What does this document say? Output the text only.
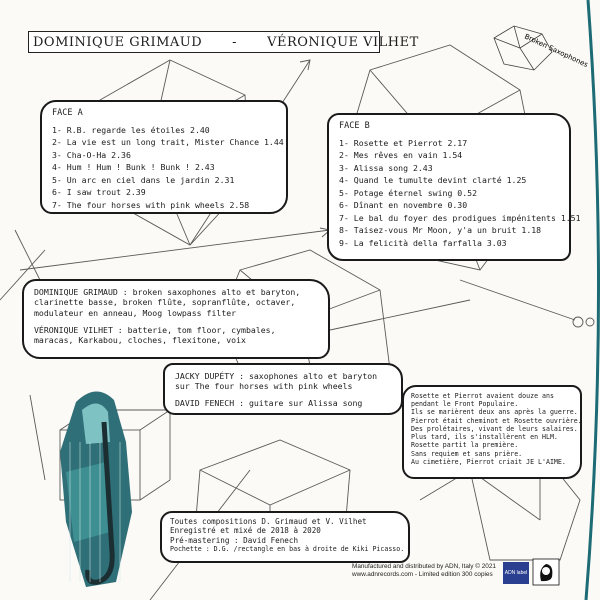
Broken Saxophones
DOMINIQUE GRIMAUD - VÉRONIQUE VILHET

FACE A

1- R.B. regarde les étoiles 2.40
2- La vie est un long trait, Mister Chance 1.44
3- Cha-O-Ha 2.36
4- Hum ! Hum ! Bunk ! Bunk ! 2.43
5- Un arc en ciel dans le jardin 2.31
6- I saw trout 2.39
7- The four horses with pink wheels 2.58

FACE B

1- Rosette et Pierrot 2.17
2- Mes rêves en vain 1.54
3- Alissa song 2.43
4- Quand le tumulte devint clarté 1.25
5- Potage éternel swing 0.52
6- Dînant en novembre 0.30
7- Le bal du foyer des prodigues impénitents 1.51
8- Taisez-vous Mr Moon, y'a un bruit 1.18
9- La felicità della farfalla 3.03

DOMINIQUE GRIMAUD : broken saxophones alto et baryton, clarinette basse, broken flûte, sopranflûte, octaver, modulateur en anneau, Moog lowpass filter

VÉRONIQUE VILHET : batterie, tom floor, cymbales, maracas, Karkabou, cloches, flexitone, voix

JACKY DUPÉTY : saxophones alto et baryton sur The four horses with pink wheels

DAVID FENECH : guitare sur Alissa song

Rosette et Pierrot avaient douze ans

pendant le Front Populaire.

Ils se marièrent deux ans après la guerre.

Pierrot était cheminot et Rosette ouvrière.

Des prolétaires, vivant de leurs salaires.

Plus tard, ils s'installèrent en HLM.

Rosette partit la première.

Sans requiem et sans prière.

Au cimetière, Pierrot criait JE L'AIME.

Toutes compositions D. Grimaud et V. Vilhet

Enregistré et mixé de 2018 à 2020

Pré-mastering : David Fenech

Pochette : D.G. /rectangle en bas à droite de Kiki Picasso.

Manufactured and distributed by ADN, Italy © 2021
www.adnrecords.com - Limited edition 300 copies	ADN label
